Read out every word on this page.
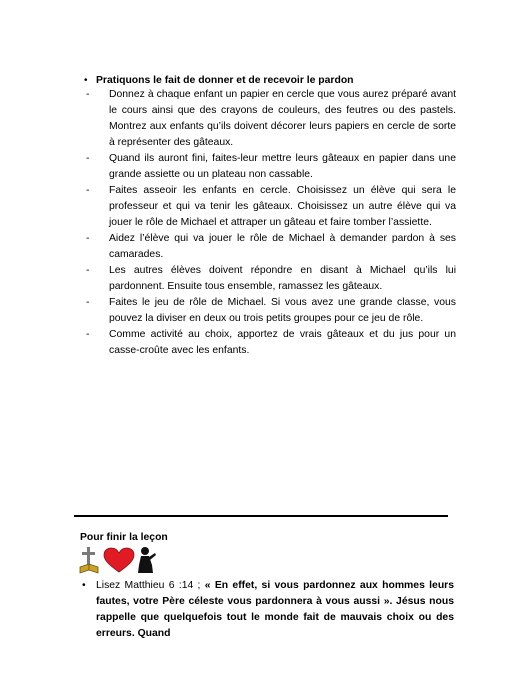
• Pratiquons le fait de donner et de recevoir le pardon
- Donnez à chaque enfant un papier en cercle que vous aurez préparé avant le cours ainsi que des crayons de couleurs, des feutres ou des pastels. Montrez aux enfants qu’ils doivent décorer leurs papiers en cercle de sorte à représenter des gâteaux.
- Quand ils auront fini, faites-leur mettre leurs gâteaux en papier dans une grande assiette ou un plateau non cassable.
- Faites asseoir les enfants en cercle. Choisissez un élève qui sera le professeur et qui va tenir les gâteaux. Choisissez un autre élève qui va jouer le rôle de Michael et attraper un gâteau et faire tomber l’assiette.
- Aidez l’élève qui va jouer le rôle de Michael à demander pardon à ses camarades.
- Les autres élèves doivent répondre en disant à Michael qu’ils lui pardonnent. Ensuite tous ensemble, ramassez les gâteaux.
- Faites le jeu de rôle de Michael. Si vous avez une grande classe, vous pouvez la diviser en deux ou trois petits groupes pour ce jeu de rôle.
- Comme activité au choix, apportez de vrais gâteaux et du jus pour un casse-croûte avec les enfants.
Pour finir la leçon
• Lisez Matthieu 6 :14 ; « En effet, si vous pardonnez aux hommes leurs fautes, votre Père céleste vous pardonnera à vous aussi ». Jésus nous rappelle que quelquefois tout le monde fait de mauvais choix ou des erreurs. Quand
